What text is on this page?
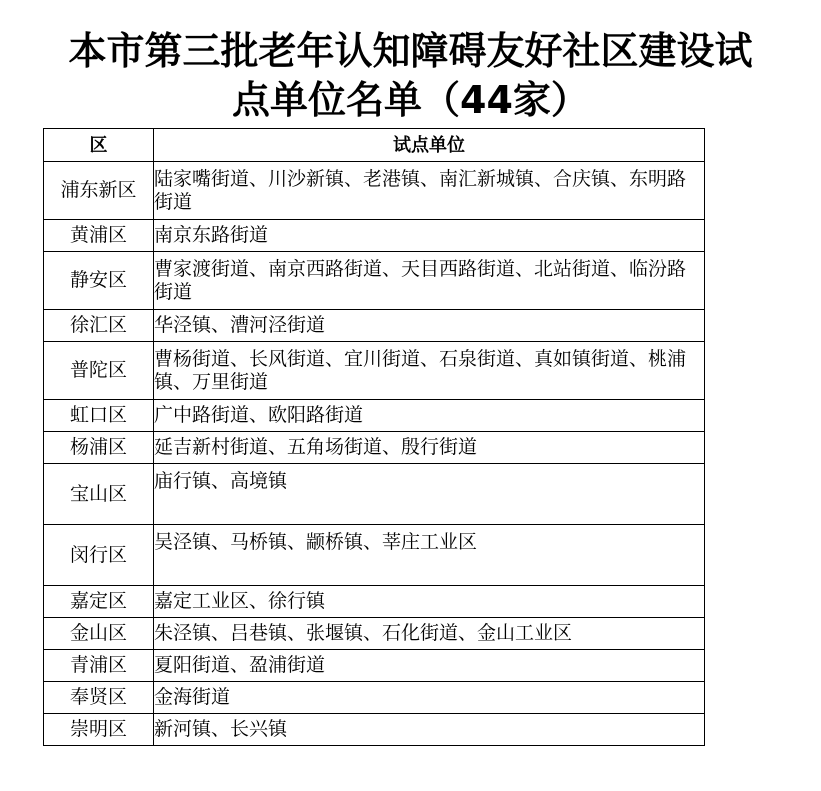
本市第三批老年认知障碍友好社区建设试
点单位名单（44家）
区	试点单位
浦东新区	陆家嘴街道、川沙新镇、老港镇、南汇新城镇、合庆镇、东明路街道
黄浦区	南京东路街道
静安区	曹家渡街道、南京西路街道、天目西路街道、北站街道、临汾路街道
徐汇区	华泾镇、漕河泾街道
普陀区	曹杨街道、长风街道、宜川街道、石泉街道、真如镇街道、桃浦镇、万里街道
虹口区	广中路街道、欧阳路街道
杨浦区	延吉新村街道、五角场街道、殷行街道
宝山区	庙行镇、高境镇
闵行区	吴泾镇、马桥镇、颛桥镇、莘庄工业区
嘉定区	嘉定工业区、徐行镇
金山区	朱泾镇、吕巷镇、张堰镇、石化街道、金山工业区
青浦区	夏阳街道、盈浦街道
奉贤区	金海街道
崇明区	新河镇、长兴镇
